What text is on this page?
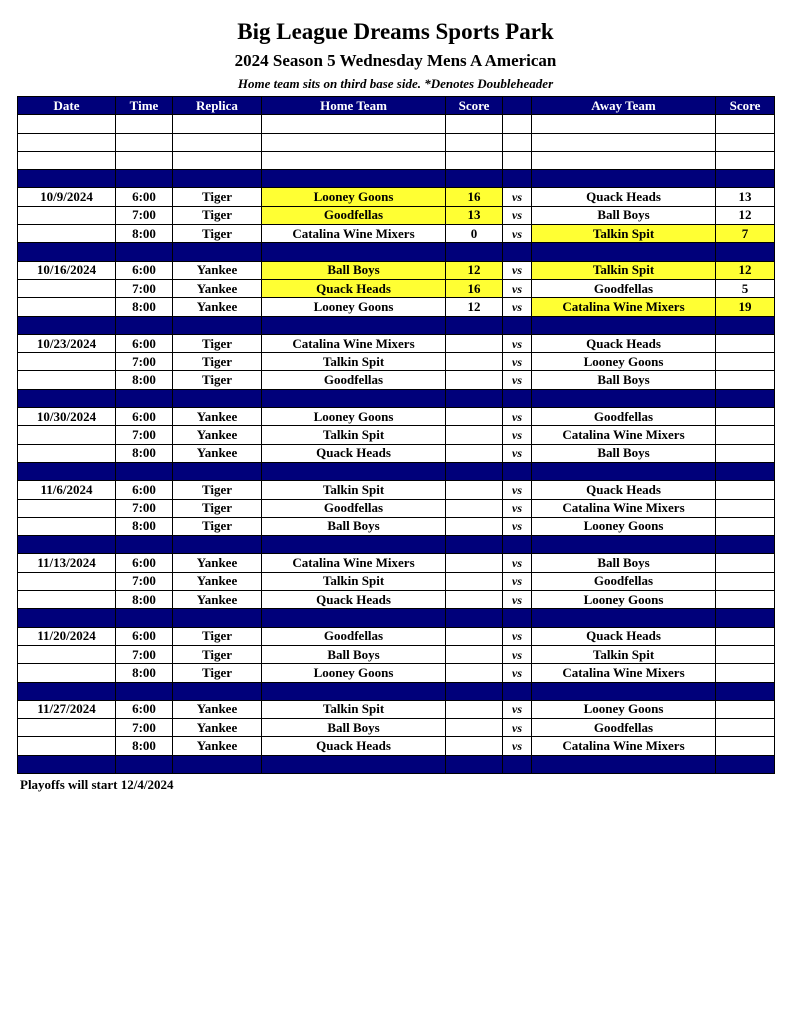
Big League Dreams Sports Park
2024 Season 5 Wednesday Mens A American
Home team sits on third base side. *Denotes Doubleheader
Date	Time	Replica	Home Team	Score		Away Team	Score

10/9/2024	6:00	Tiger	Looney Goons	16	vs	Quack Heads	13
	7:00	Tiger	Goodfellas	13	vs	Ball Boys	12
	8:00	Tiger	Catalina Wine Mixers	0	vs	Talkin Spit	7

10/16/2024	6:00	Yankee	Ball Boys	12	vs	Talkin Spit	12
	7:00	Yankee	Quack Heads	16	vs	Goodfellas	5
	8:00	Yankee	Looney Goons	12	vs	Catalina Wine Mixers	19

10/23/2024	6:00	Tiger	Catalina Wine Mixers		vs	Quack Heads	
	7:00	Tiger	Talkin Spit		vs	Looney Goons	
	8:00	Tiger	Goodfellas		vs	Ball Boys	

10/30/2024	6:00	Yankee	Looney Goons		vs	Goodfellas	
	7:00	Yankee	Talkin Spit		vs	Catalina Wine Mixers	
	8:00	Yankee	Quack Heads		vs	Ball Boys	

11/6/2024	6:00	Tiger	Talkin Spit		vs	Quack Heads	
	7:00	Tiger	Goodfellas		vs	Catalina Wine Mixers	
	8:00	Tiger	Ball Boys		vs	Looney Goons	

11/13/2024	6:00	Yankee	Catalina Wine Mixers		vs	Ball Boys	
	7:00	Yankee	Talkin Spit		vs	Goodfellas	
	8:00	Yankee	Quack Heads		vs	Looney Goons	

11/20/2024	6:00	Tiger	Goodfellas		vs	Quack Heads	
	7:00	Tiger	Ball Boys		vs	Talkin Spit	
	8:00	Tiger	Looney Goons		vs	Catalina Wine Mixers	

11/27/2024	6:00	Yankee	Talkin Spit		vs	Looney Goons	
	7:00	Yankee	Ball Boys		vs	Goodfellas	
	8:00	Yankee	Quack Heads		vs	Catalina Wine Mixers	

Playoffs will start 12/4/2024
